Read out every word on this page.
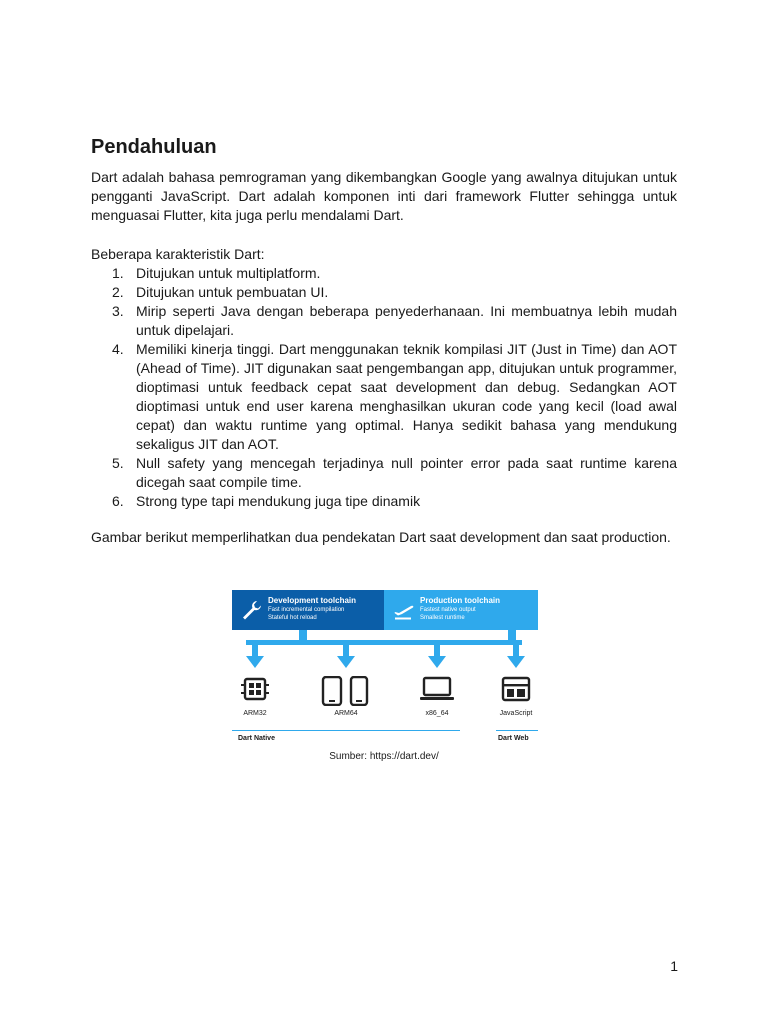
Pendahuluan

Dart adalah bahasa pemrograman yang dikembangkan Google yang awalnya ditujukan untuk pengganti JavaScript. Dart adalah komponen inti dari framework Flutter sehingga untuk menguasai Flutter, kita juga perlu mendalami Dart.

Beberapa karakteristik Dart:

1. Ditujukan untuk multiplatform.
2. Ditujukan untuk pembuatan UI.
3. Mirip seperti Java dengan beberapa penyederhanaan. Ini membuatnya lebih mudah untuk dipelajari.
4. Memiliki kinerja tinggi. Dart menggunakan teknik kompilasi JIT (Just in Time) dan AOT (Ahead of Time). JIT digunakan saat pengembangan app, ditujukan untuk programmer, dioptimasi untuk feedback cepat saat development dan debug. Sedangkan AOT dioptimasi untuk end user karena menghasilkan ukuran code yang kecil (load awal cepat) dan waktu runtime yang optimal. Hanya sedikit bahasa yang mendukung sekaligus JIT dan AOT.
5. Null safety yang mencegah terjadinya null pointer error pada saat runtime karena dicegah saat compile time.
6. Strong type tapi mendukung juga tipe dinamik

Gambar berikut memperlihatkan dua pendekatan Dart saat development dan saat production.

Development toolchain
Fast incremental compilation
Stateful hot reload
Production toolchain
Fastest native output
Smallest runtime
ARM32	ARM64	x86_64	JavaScript
Dart Native	Dart Web
Sumber: https://dart.dev/
1
